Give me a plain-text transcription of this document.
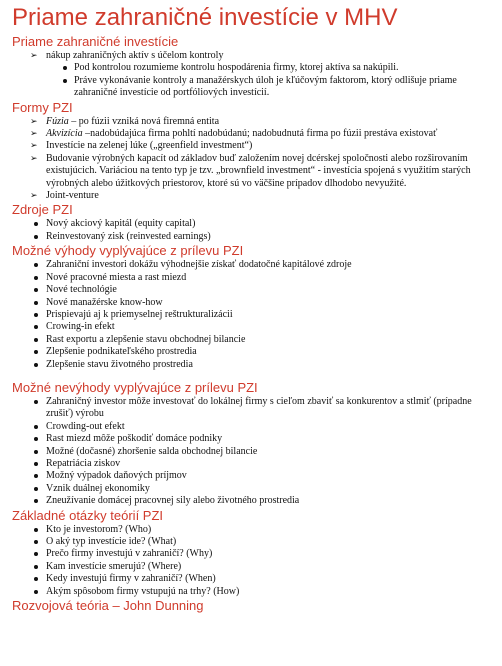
Priame zahraničné investície v MHV
Priame zahraničné investície
➢ nákup zahraničných aktív s účelom kontroly
Pod kontrolou rozumieme kontrolu hospodárenia firmy, ktorej aktíva sa nakúpili.
Práve vykonávanie kontroly a manažérskych úloh je kľúčovým faktorom, ktorý odlišuje priame zahraničné investície od portfóliových investícií.
Formy PZI
➢ Fúzia – po fúzii vzniká nová firemná entita
➢ Akvizícia –nadobúdajúca firma pohltí nadobúdanú; nadobudnutá firma po fúzii prestáva existovať
➢ Investície na zelenej lúke („greenfield investment“)
➢ Budovanie výrobných kapacít od základov buď založením novej dcérskej spoločnosti alebo rozširovaním existujúcich. Variáciou na tento typ je tzv. „brownfield investment“ - investícia spojená s využitím starých výrobných alebo úžitkových priestorov, ktoré sú vo väčšine prípadov dlhodobo nevyužité.
➢ Joint-venture
Zdroje PZI
Nový akciový kapitál (equity capital)
Reinvestovaný zisk (reinvested earnings)
Možné výhody vyplývajúce z prílevu PZI
Zahraniční investori dokážu výhodnejšie získať dodatočné kapitálové zdroje
Nové pracovné miesta a rast miezd
Nové technológie
Nové manažérske know-how
Prispievajú aj k priemyselnej reštrukturalizácii
Crowing-in efekt
Rast exportu a zlepšenie stavu obchodnej bilancie
Zlepšenie podnikateľského prostredia
Zlepšenie stavu životného prostredia
Možné nevýhody vyplývajúce z prílevu PZI
Zahraničný investor môže investovať do lokálnej firmy s cieľom zbaviť sa konkurentov a stlmiť (prípadne zrušiť) výrobu
Crowding-out efekt
Rast miezd môže poškodiť domáce podniky
Možné (dočasné) zhoršenie salda obchodnej bilancie
Repatriácia ziskov
Možný výpadok daňových príjmov
Vznik duálnej ekonomiky
Zneužívanie domácej pracovnej sily alebo životného prostredia
Základné otázky teórií PZI
Kto je investorom? (Who)
O aký typ investície ide? (What)
Prečo firmy investujú v zahraničí? (Why)
Kam investície smerujú? (Where)
Kedy investujú firmy v zahraničí? (When)
Akým spôsobom firmy vstupujú na trhy? (How)
Rozvojová teória – John Dunning
